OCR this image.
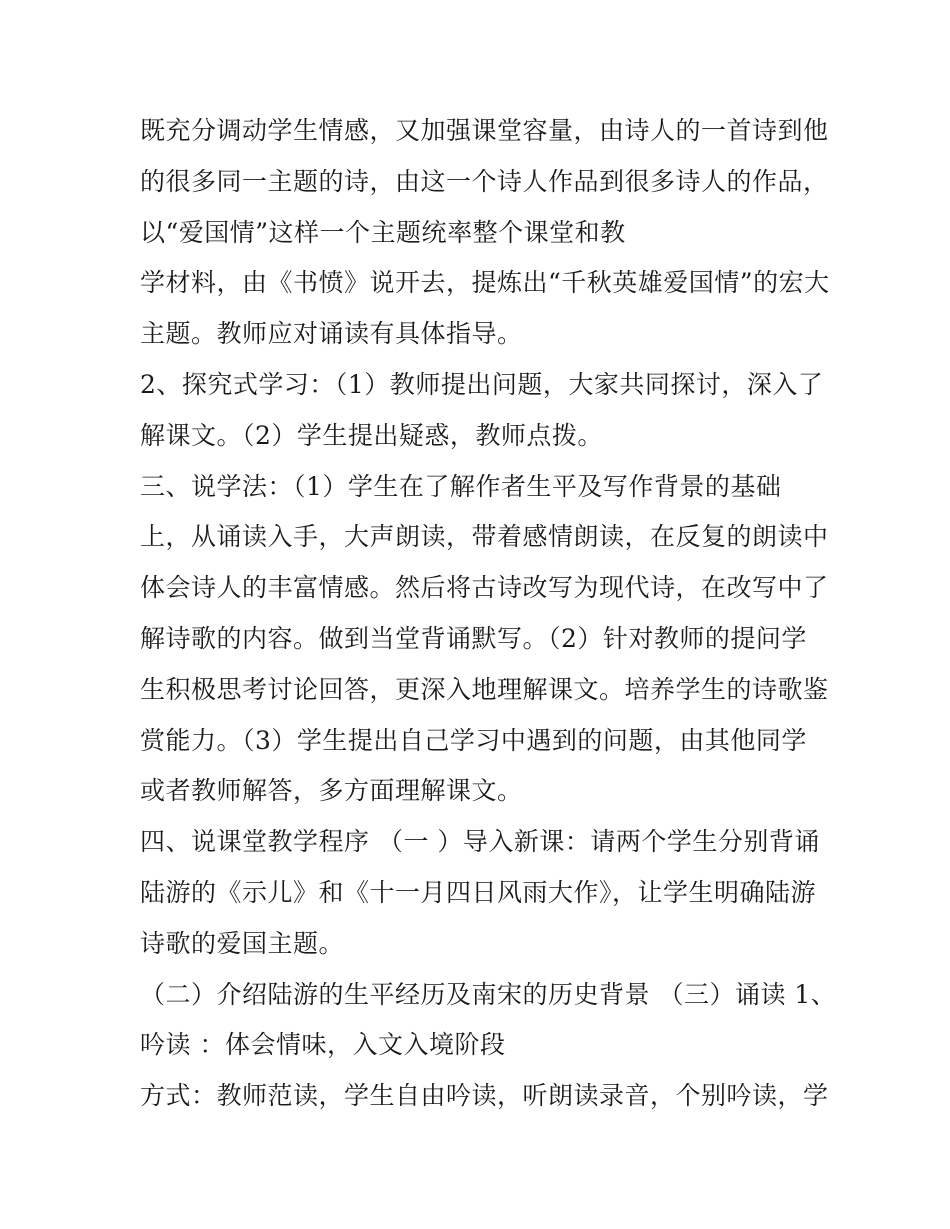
既充分调动学生情感，又加强课堂容量，由诗人的一首诗到他
的很多同一主题的诗，由这一个诗人作品到很多诗人的作品，
以“爱国情”这样一个主题统率整个课堂和教
学材料，由《书愤》说开去，提炼出“千秋英雄爱国情”的宏大
主题。教师应对诵读有具体指导。
2、探究式学习：（1）教师提出问题，大家共同探讨，深入了
解课文。（2）学生提出疑惑，教师点拨。
三、说学法：（1）学生在了解作者生平及写作背景的基础
上，从诵读入手，大声朗读，带着感情朗读，在反复的朗读中
体会诗人的丰富情感。然后将古诗改写为现代诗，在改写中了
解诗歌的内容。做到当堂背诵默写。（2）针对教师的提问学
生积极思考讨论回答，更深入地理解课文。培养学生的诗歌鉴
赏能力。（3）学生提出自己学习中遇到的问题，由其他同学
或者教师解答，多方面理解课文。
四、说课堂教学程序 （一 ）导入新课：请两个学生分别背诵
陆游的《示儿》和《十一月四日风雨大作》，让学生明确陆游
诗歌的爱国主题。
（二）介绍陆游的生平经历及南宋的历史背景 （三）诵读 1、
吟读 ：体会情味，入文入境阶段
方式：教师范读，学生自由吟读，听朗读录音，个别吟读，学
